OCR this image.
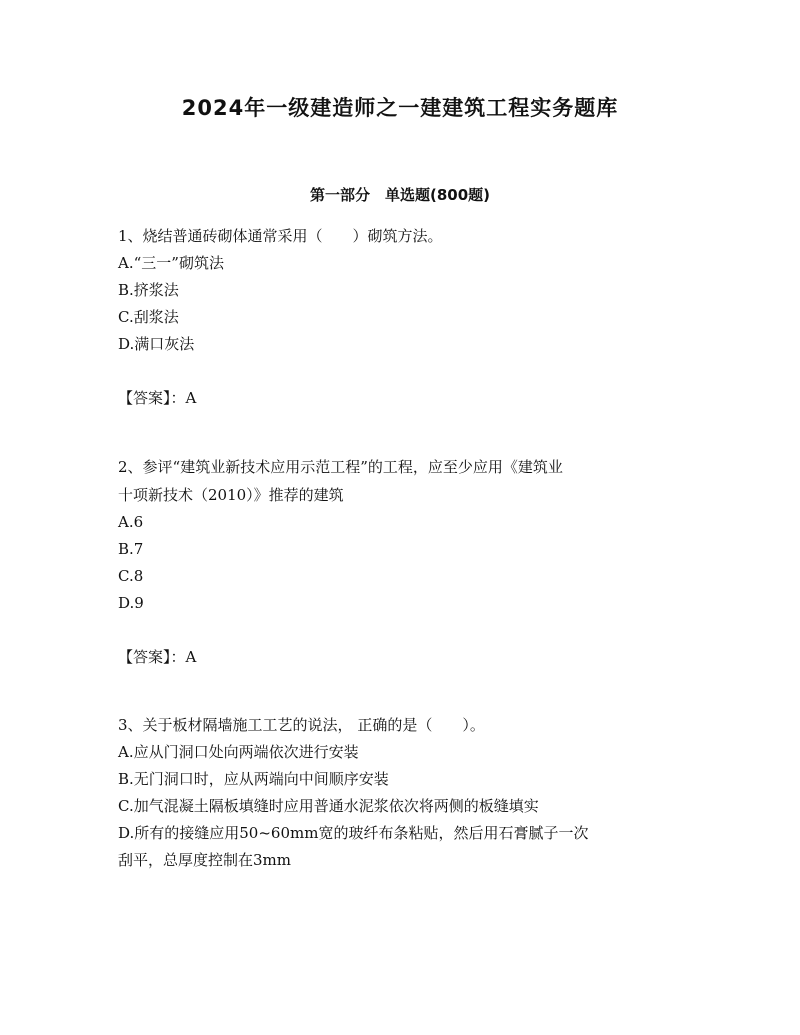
2024年一级建造师之一建建筑工程实务题库
第一部分　单选题(800题)
1、烧结普通砖砌体通常采用（　　）砌筑方法。
A.“三一”砌筑法
B.挤浆法
C.刮浆法
D.满口灰法
【答案】：A
2、参评“建筑业新技术应用示范工程”的工程，应至少应用《建筑业
十项新技术（2010）》推荐的建筑
A.6
B.7
C.8
D.9
【答案】：A
3、关于板材隔墙施工工艺的说法， 正确的是（　　）。
A.应从门洞口处向两端依次进行安装
B.无门洞口时，应从两端向中间顺序安装
C.加气混凝土隔板填缝时应用普通水泥浆依次将两侧的板缝填实
D.所有的接缝应用50~60mm宽的玻纤布条粘贴，然后用石膏腻子一次
刮平，总厚度控制在3mm
